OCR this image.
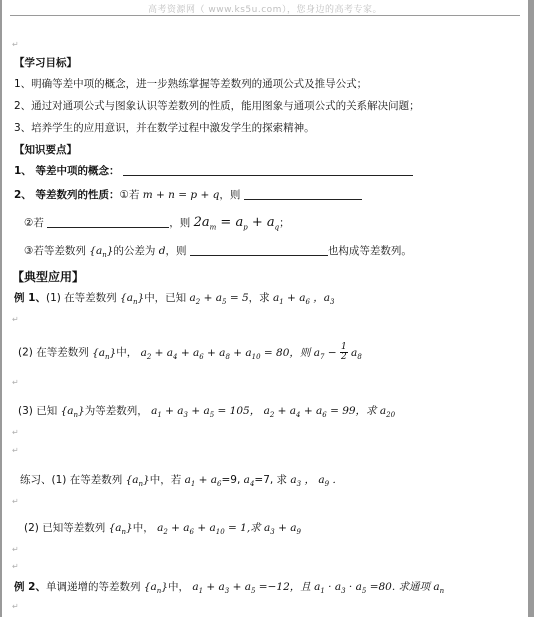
高考资源网（ www.ks5u.com），您身边的高考专家。
↵
【学习目标】
1、明确等差中项的概念，进一步熟练掌握等差数列的通项公式及推导公式；
2、通过对通项公式与图象认识等差数列的性质，能用图象与通项公式的关系解决问题；
3、培养学生的应用意识，并在数学过程中激发学生的探索精神。
【知识要点】
1、 等差中项的概念：
2、 等差数列的性质：①若 m + n = p + q，则
②若	，则 $2a_m = a_p + a_q$；
③若等差数列 $\{a_n\}$的公差为 d，则	也构成等差数列。
【典型应用】
例 1、(1) 在等差数列 $\{a_n\}$中，已知 $a_2 + a_5 = 5$，求 $a_1 + a_6$ ，$a_3$
↵
(2) 在等差数列 $\{a_n\}$中， $a_2 + a_4 + a_6 + a_8 + a_{10} = 80$，则 $a_7 - \frac{1}{2} a_8$
↵
(3) 已知 $\{a_n\}$为等差数列， $a_1 + a_3 + a_5 = 105$， $a_2 + a_4 + a_6 = 99$，求 $a_{20}$
↵
↵
练习、(1) 在等差数列 $\{a_n\}$中，若 $a_1 + a_6=9$, $a_4=7$, 求 $a_3$ ， $a_9$ ．
↵
(2) 已知等差数列 $\{a_n\}$中， $a_2 + a_6 + a_{10} = 1$,求 $a_3 + a_9$
↵
↵
例 2、单调递增的等差数列 $\{a_n\}$中， $a_1 + a_3 + a_5 =-12$，且 $a_1 \cdot a_3 \cdot a_5 =80$. 求通项 $a_n$
↵
